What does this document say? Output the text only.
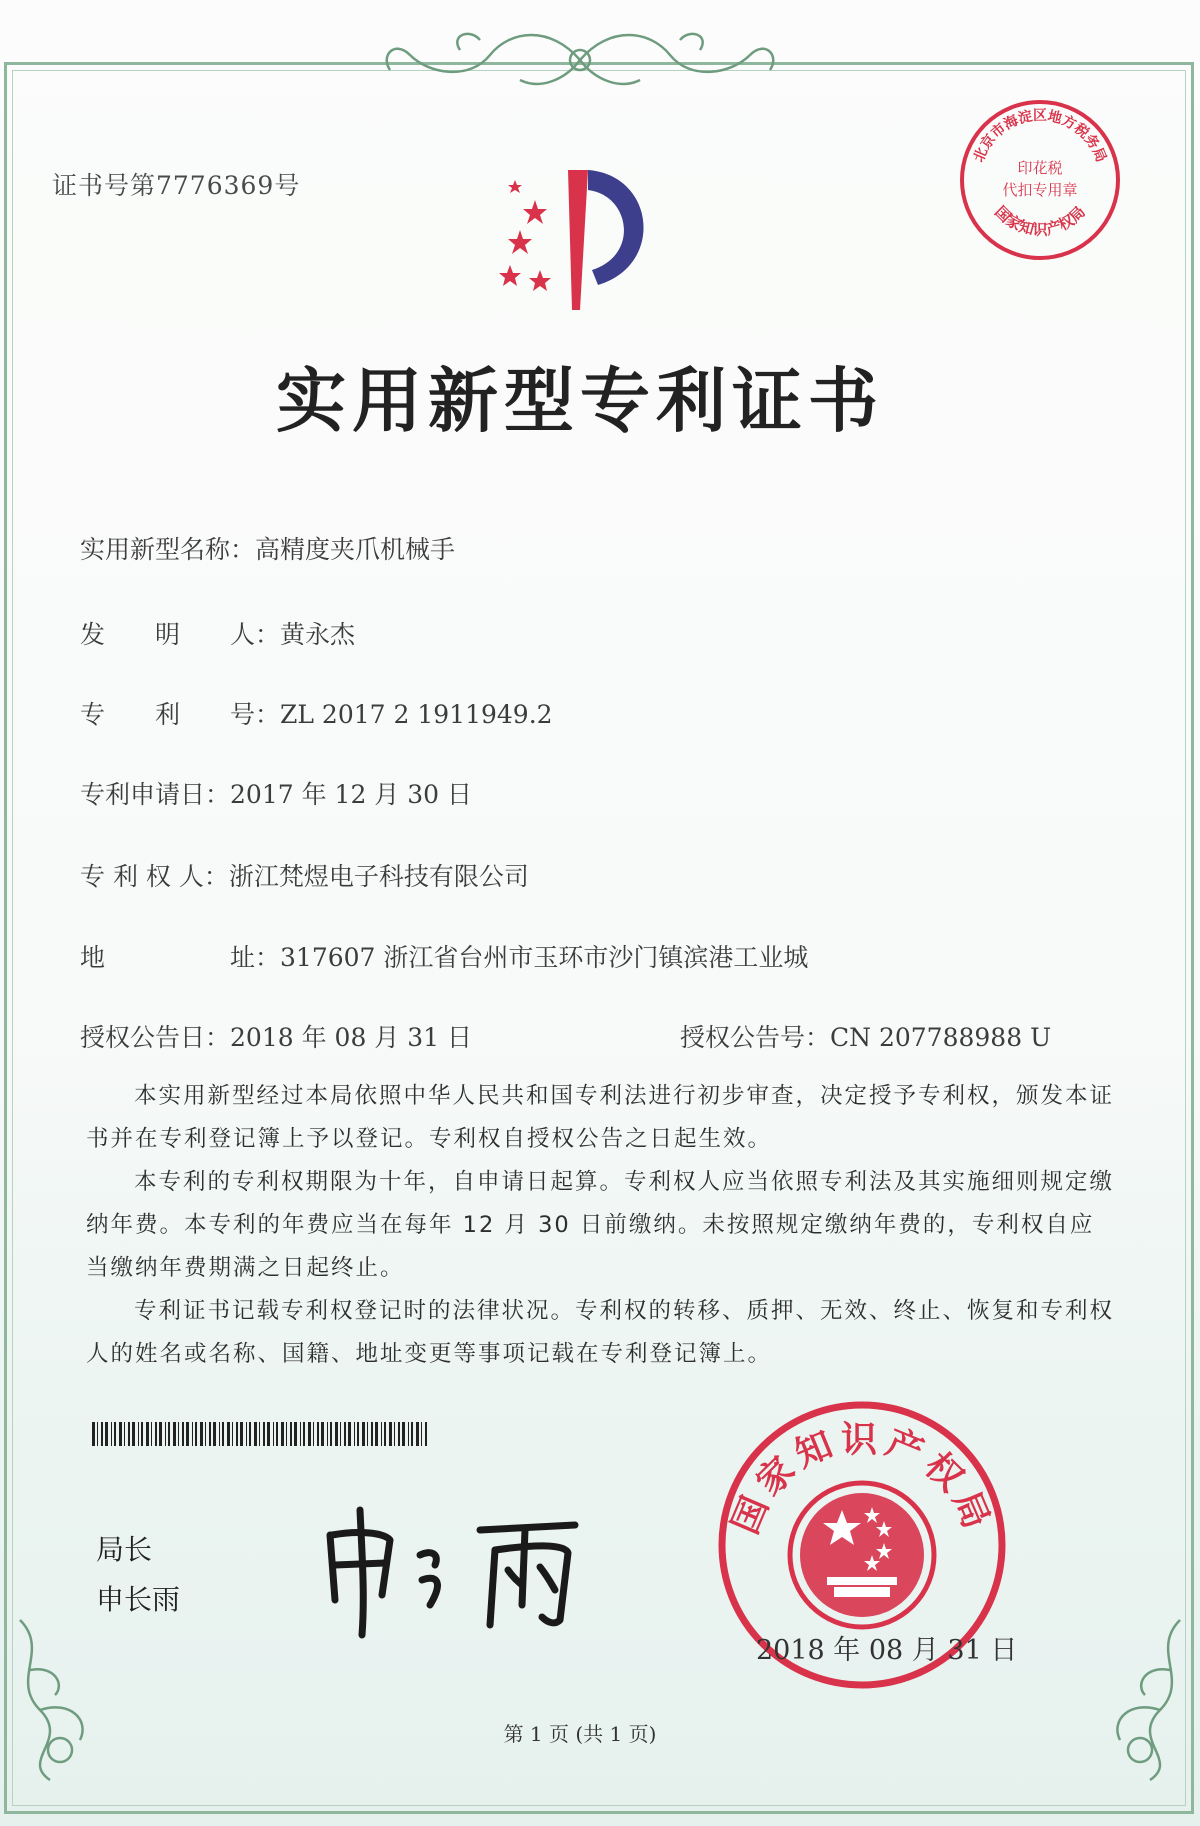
证书号第7776369号
北京市海淀区地方税务局
印花税
代扣专用章
国家知识产权局
实用新型专利证书
实用新型名称：高精度夹爪机械手
发　　明　　人：黄永杰
专　　利　　号：ZL 2017 2 1911949.2
专利申请日：2017 年 12 月 30 日
专 利 权 人：浙江梵煜电子科技有限公司
地　　　　　址：317607 浙江省台州市玉环市沙门镇滨港工业城
授权公告日：2018 年 08 月 31 日	授权公告号：CN 207788988 U

本实用新型经过本局依照中华人民共和国专利法进行初步审查，决定授予专利权，颁发本证书并在专利登记簿上予以登记。专利权自授权公告之日起生效。

本专利的专利权期限为十年，自申请日起算。专利权人应当依照专利法及其实施细则规定缴纳年费。本专利的年费应当在每年 12 月 30 日前缴纳。未按照规定缴纳年费的，专利权自应当缴纳年费期满之日起终止。

专利证书记载专利权登记时的法律状况。专利权的转移、质押、无效、终止、恢复和专利权人的姓名或名称、国籍、地址变更等事项记载在专利登记簿上。

局长
申长雨
国家知识产权局
2018 年 08 月 31 日
第 1 页 (共 1 页)
